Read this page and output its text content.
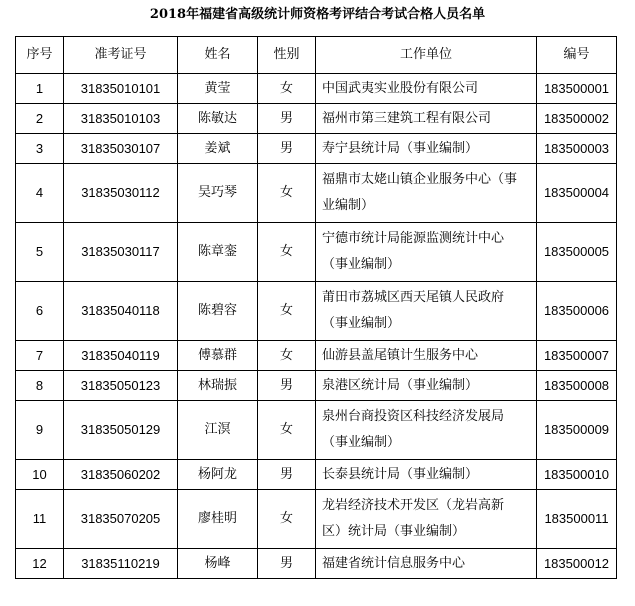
2018年福建省高级统计师资格考评结合考试合格人员名单
序号	准考证号	姓名	性别	工作单位	编号
1	31835010101	黄莹	女	中国武夷实业股份有限公司	183500001
2	31835010103	陈敏达	男	福州市第三建筑工程有限公司	183500002
3	31835030107	姜斌	男	寿宁县统计局（事业编制）	183500003
4	31835030112	吴巧琴	女	福鼎市太姥山镇企业服务中心（事
业编制）	183500004
5	31835030117	陈章銮	女	宁德市统计局能源监测统计中心
（事业编制）	183500005
6	31835040118	陈碧容	女	莆田市荔城区西天尾镇人民政府
（事业编制）	183500006
7	31835040119	傅慕群	女	仙游县盖尾镇计生服务中心	183500007
8	31835050123	林瑞振	男	泉港区统计局（事业编制）	183500008
9	31835050129	江溟	女	泉州台商投资区科技经济发展局
（事业编制）	183500009
10	31835060202	杨阿龙	男	长泰县统计局（事业编制）	183500010
11	31835070205	廖桂明	女	龙岩经济技术开发区（龙岩高新
区）统计局（事业编制）	183500011
12	31835110219	杨峰	男	福建省统计信息服务中心	183500012
